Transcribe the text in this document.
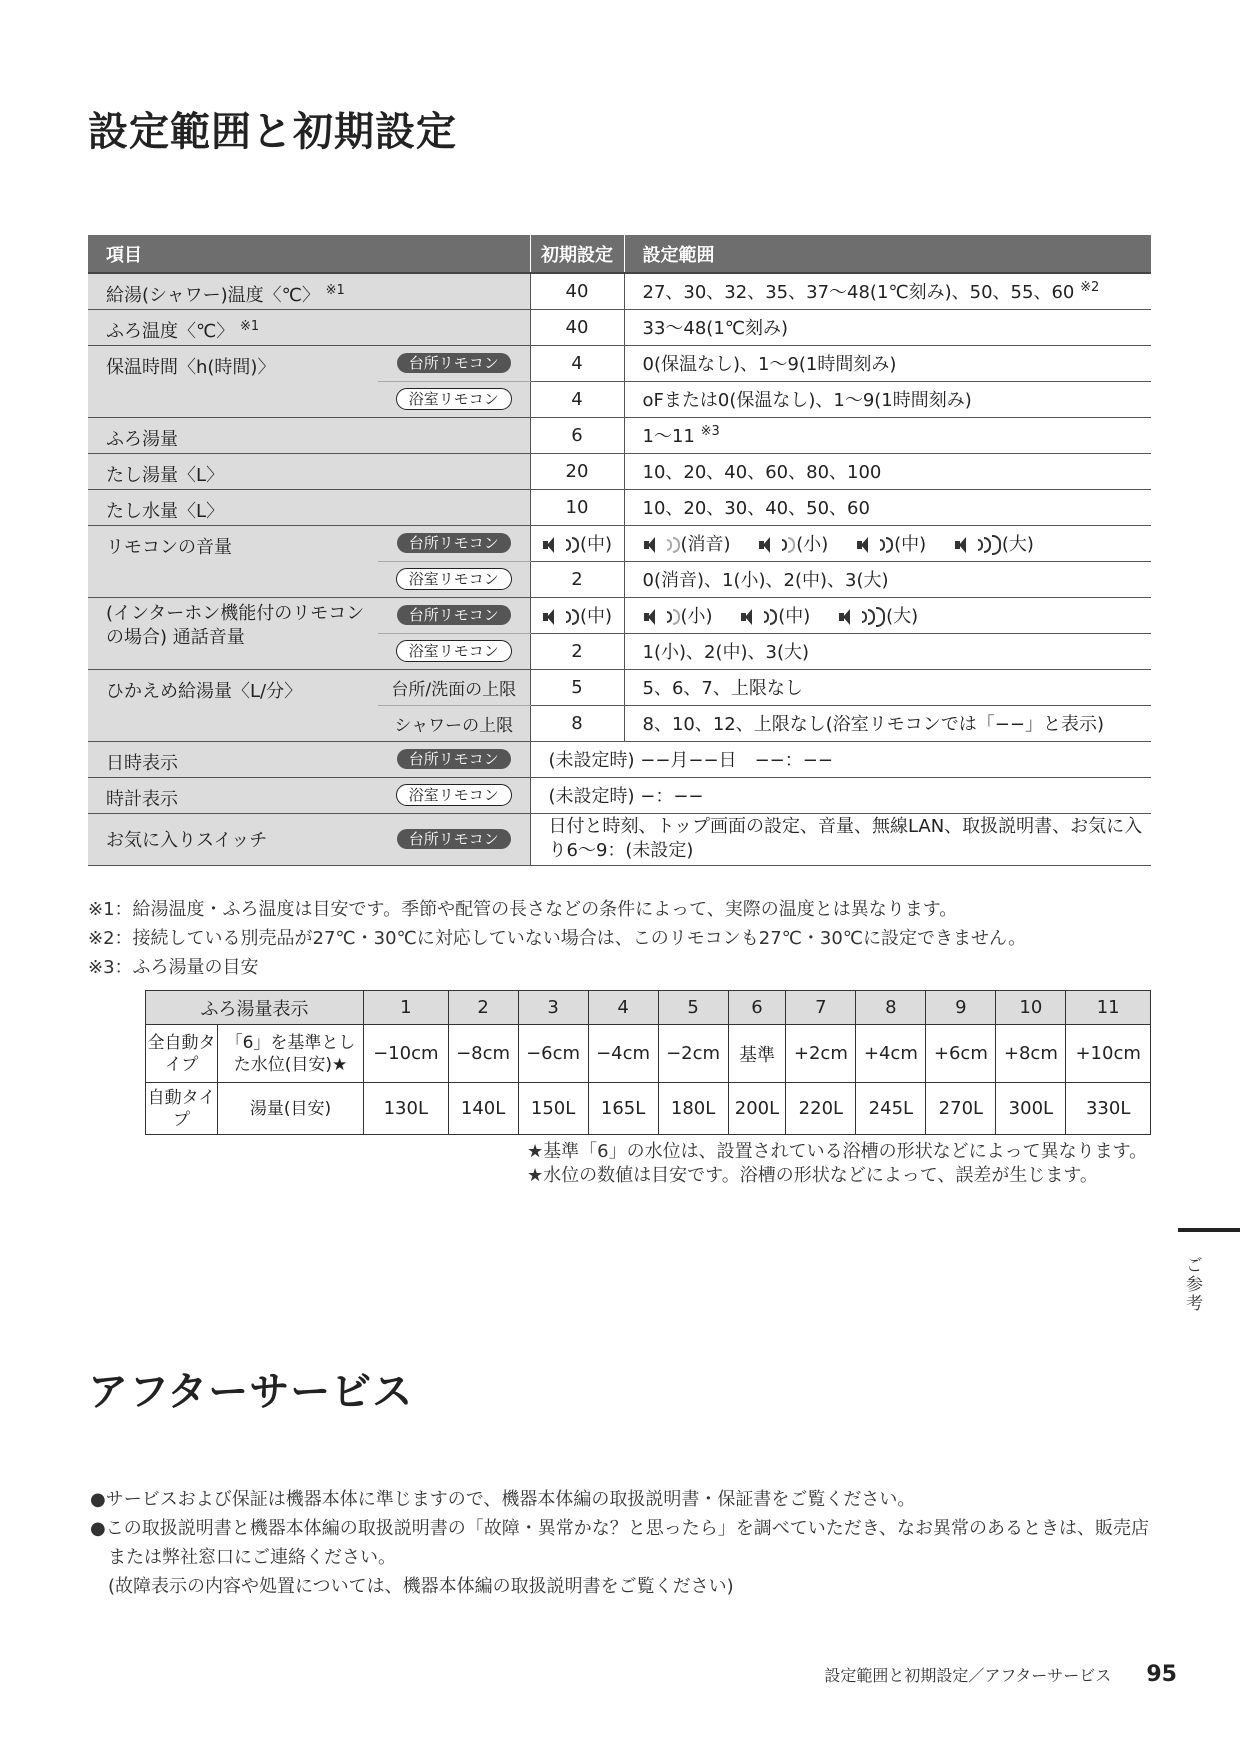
設定範囲と初期設定
項目		初期設定	設定範囲
給湯(シャワー)温度〈℃〉 $^{※1}$		40	27、30、32、35、37〜48(1℃刻み)、50、55、60 $^{※2}$
ふろ温度〈℃〉 $^{※1}$		40	33〜48(1℃刻み)
保温時間〈h(時間)〉	台所リモコン	4	0(保温なし)、1〜9(1時間刻み)
	浴室リモコン	4	oFまたは0(保温なし)、1〜9(1時間刻み)
ふろ湯量		6	1〜11 $^{※3}$
たし湯量〈L〉		20	10、20、40、60、80、100
たし水量〈L〉		10	10、20、30、40、50、60
リモコンの音量	台所リモコン	(中)	(消音) (小) (中) (大)
	浴室リモコン	2	0(消音)、1(小)、2(中)、3(大)
(インターホン機能付のリモコンの場合) 通話音量	台所リモコン	(中)	(小) (中) (大)
	浴室リモコン	2	1(小)、2(中)、3(大)
ひかえめ給湯量〈L/分〉	台所/洗面の上限	5	5、6、7、上限なし
	シャワーの上限	8	8、10、12、上限なし(浴室リモコンでは「−−」と表示)
日時表示	台所リモコン	(未設定時) −−月−−日　−−：−−	
時計表示	浴室リモコン	(未設定時) −：−−	
お気に入りスイッチ	台所リモコン	日付と時刻、トップ画面の設定、音量、無線LAN、取扱説明書、お気に入り6〜9：(未設定)	
※1：給湯温度・ふろ温度は目安です。季節や配管の長さなどの条件によって、実際の温度とは異なります。
※2：接続している別売品が27℃・30℃に対応していない場合は、このリモコンも27℃・30℃に設定できません。
※3：ふろ湯量の目安
ふろ湯量表示		1	2	3	4	5	6	7	8	9	10	11
全自動タイプ	「6」を基準とした水位(目安)★	−10cm	−8cm	−6cm	−4cm	−2cm	基準	+2cm	+4cm	+6cm	+8cm	+10cm
自動タイプ	湯量(目安)	130L	140L	150L	165L	180L	200L	220L	245L	270L	300L	330L
★基準「6」の水位は、設置されている浴槽の形状などによって異なります。
★水位の数値は目安です。浴槽の形状などによって、誤差が生じます。
ご参考
アフターサービス
●サービスおよび保証は機器本体に準じますので、機器本体編の取扱説明書・保証書をご覧ください。
●この取扱説明書と機器本体編の取扱説明書の「故障・異常かな？と思ったら」を調べていただき、なお異常のあるときは、販売店または弊社窓口にご連絡ください。
(故障表示の内容や処置については、機器本体編の取扱説明書をご覧ください)
設定範囲と初期設定／アフターサービス 95
